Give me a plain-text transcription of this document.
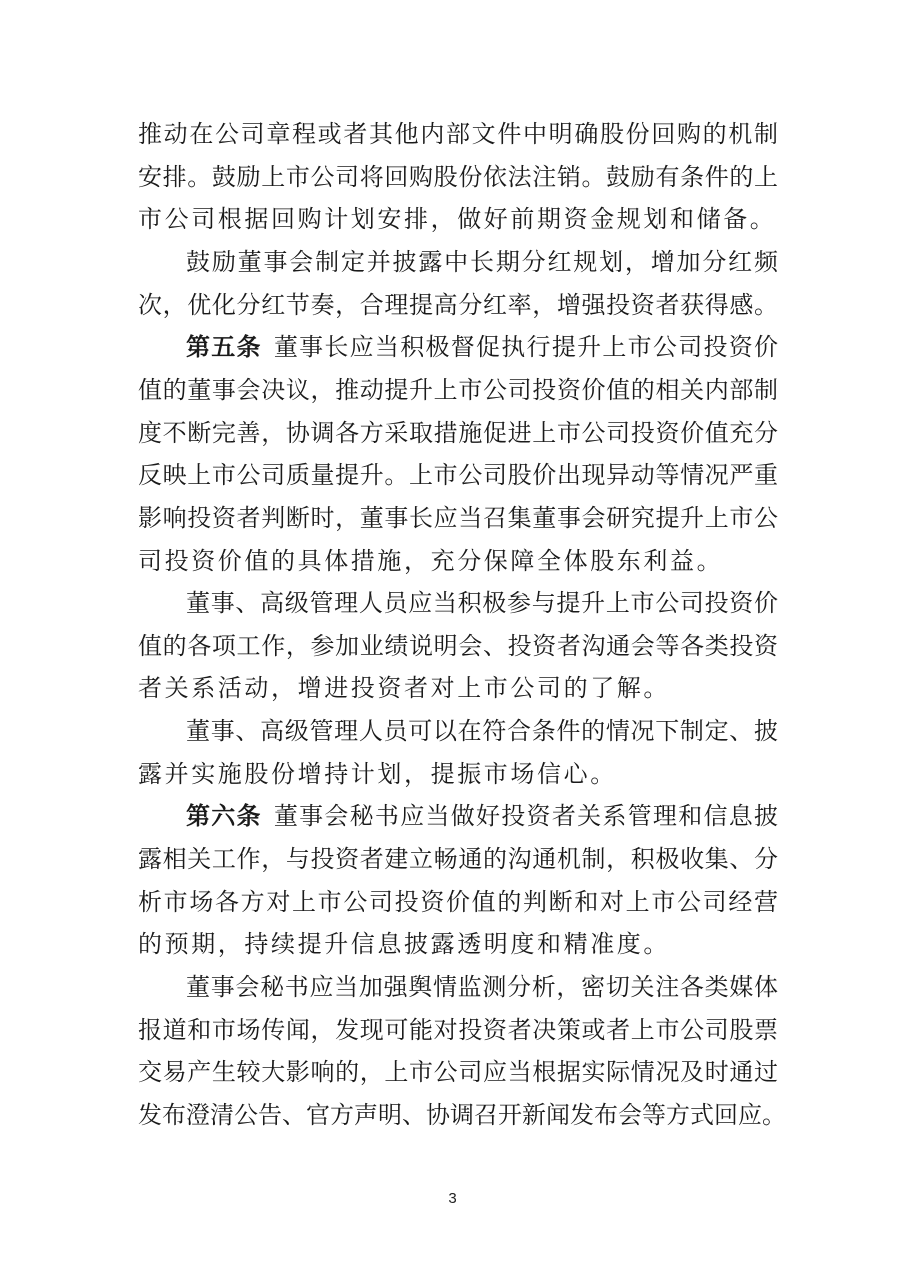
推动在公司章程或者其他内部文件中明确股份回购的机制
安排。鼓励上市公司将回购股份依法注销。鼓励有条件的上
市公司根据回购计划安排，做好前期资金规划和储备。
鼓励董事会制定并披露中长期分红规划，增加分红频
次，优化分红节奏，合理提高分红率，增强投资者获得感。
第五条 董事长应当积极督促执行提升上市公司投资价
值的董事会决议，推动提升上市公司投资价值的相关内部制
度不断完善，协调各方采取措施促进上市公司投资价值充分
反映上市公司质量提升。上市公司股价出现异动等情况严重
影响投资者判断时，董事长应当召集董事会研究提升上市公
司投资价值的具体措施，充分保障全体股东利益。
董事、高级管理人员应当积极参与提升上市公司投资价
值的各项工作，参加业绩说明会、投资者沟通会等各类投资
者关系活动，增进投资者对上市公司的了解。
董事、高级管理人员可以在符合条件的情况下制定、披
露并实施股份增持计划，提振市场信心。
第六条 董事会秘书应当做好投资者关系管理和信息披
露相关工作，与投资者建立畅通的沟通机制，积极收集、分
析市场各方对上市公司投资价值的判断和对上市公司经营
的预期，持续提升信息披露透明度和精准度。
董事会秘书应当加强舆情监测分析，密切关注各类媒体
报道和市场传闻，发现可能对投资者决策或者上市公司股票
交易产生较大影响的，上市公司应当根据实际情况及时通过
发布澄清公告、官方声明、协调召开新闻发布会等方式回应。
3
